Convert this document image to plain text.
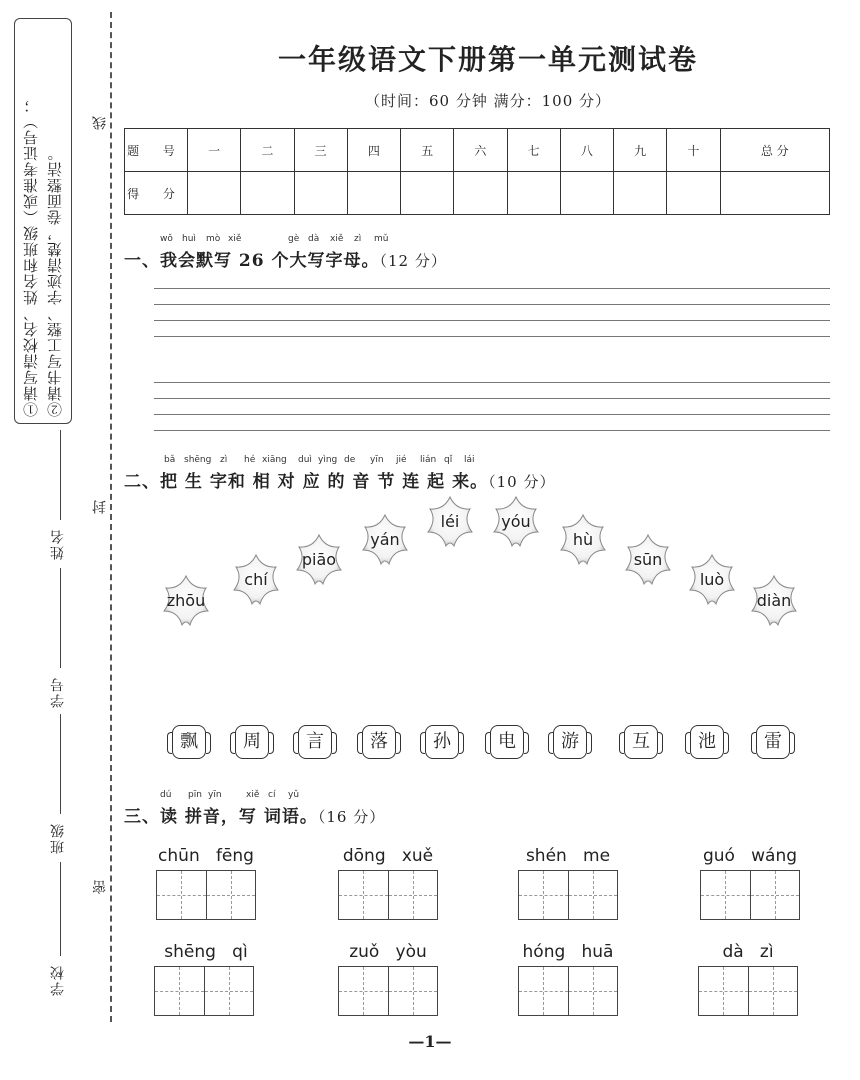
①请写清校名、姓名和班级（或准考证号）； ②请书写工整、字迹清楚，卷面整洁。
线
封
密
姓名
学号
班级
学校
一年级语文下册第一单元测试卷
（时间：60 分钟 满分：100 分）
题 号	一	二	三	四	五	六	七	八	九	十	总 分
得 分											
wǒ huì mò xiě	gè dà xiě zì mǔ
一、我会默写 26 个大写字母。（12 分）
bǎ shēng zì hé xiāng duì yìng de yīn jié lián qǐ lái
二、把 生 字和 相 对 应 的 音 节 连 起 来。（10 分）
zhōu
chí
piāo
yán
léi	yóu
hù
sūn
luò
diàn
飘	周	言	落	孙	电	游	互	池	雷
dú pīn yīn	xiě cí yǔ
三、读 拼音，写 词语。（16 分）
chūn fēng	dōng xuě	shén me	guó wáng
shēng qì	zuǒ yòu	hóng huā	dà zì
—1—
